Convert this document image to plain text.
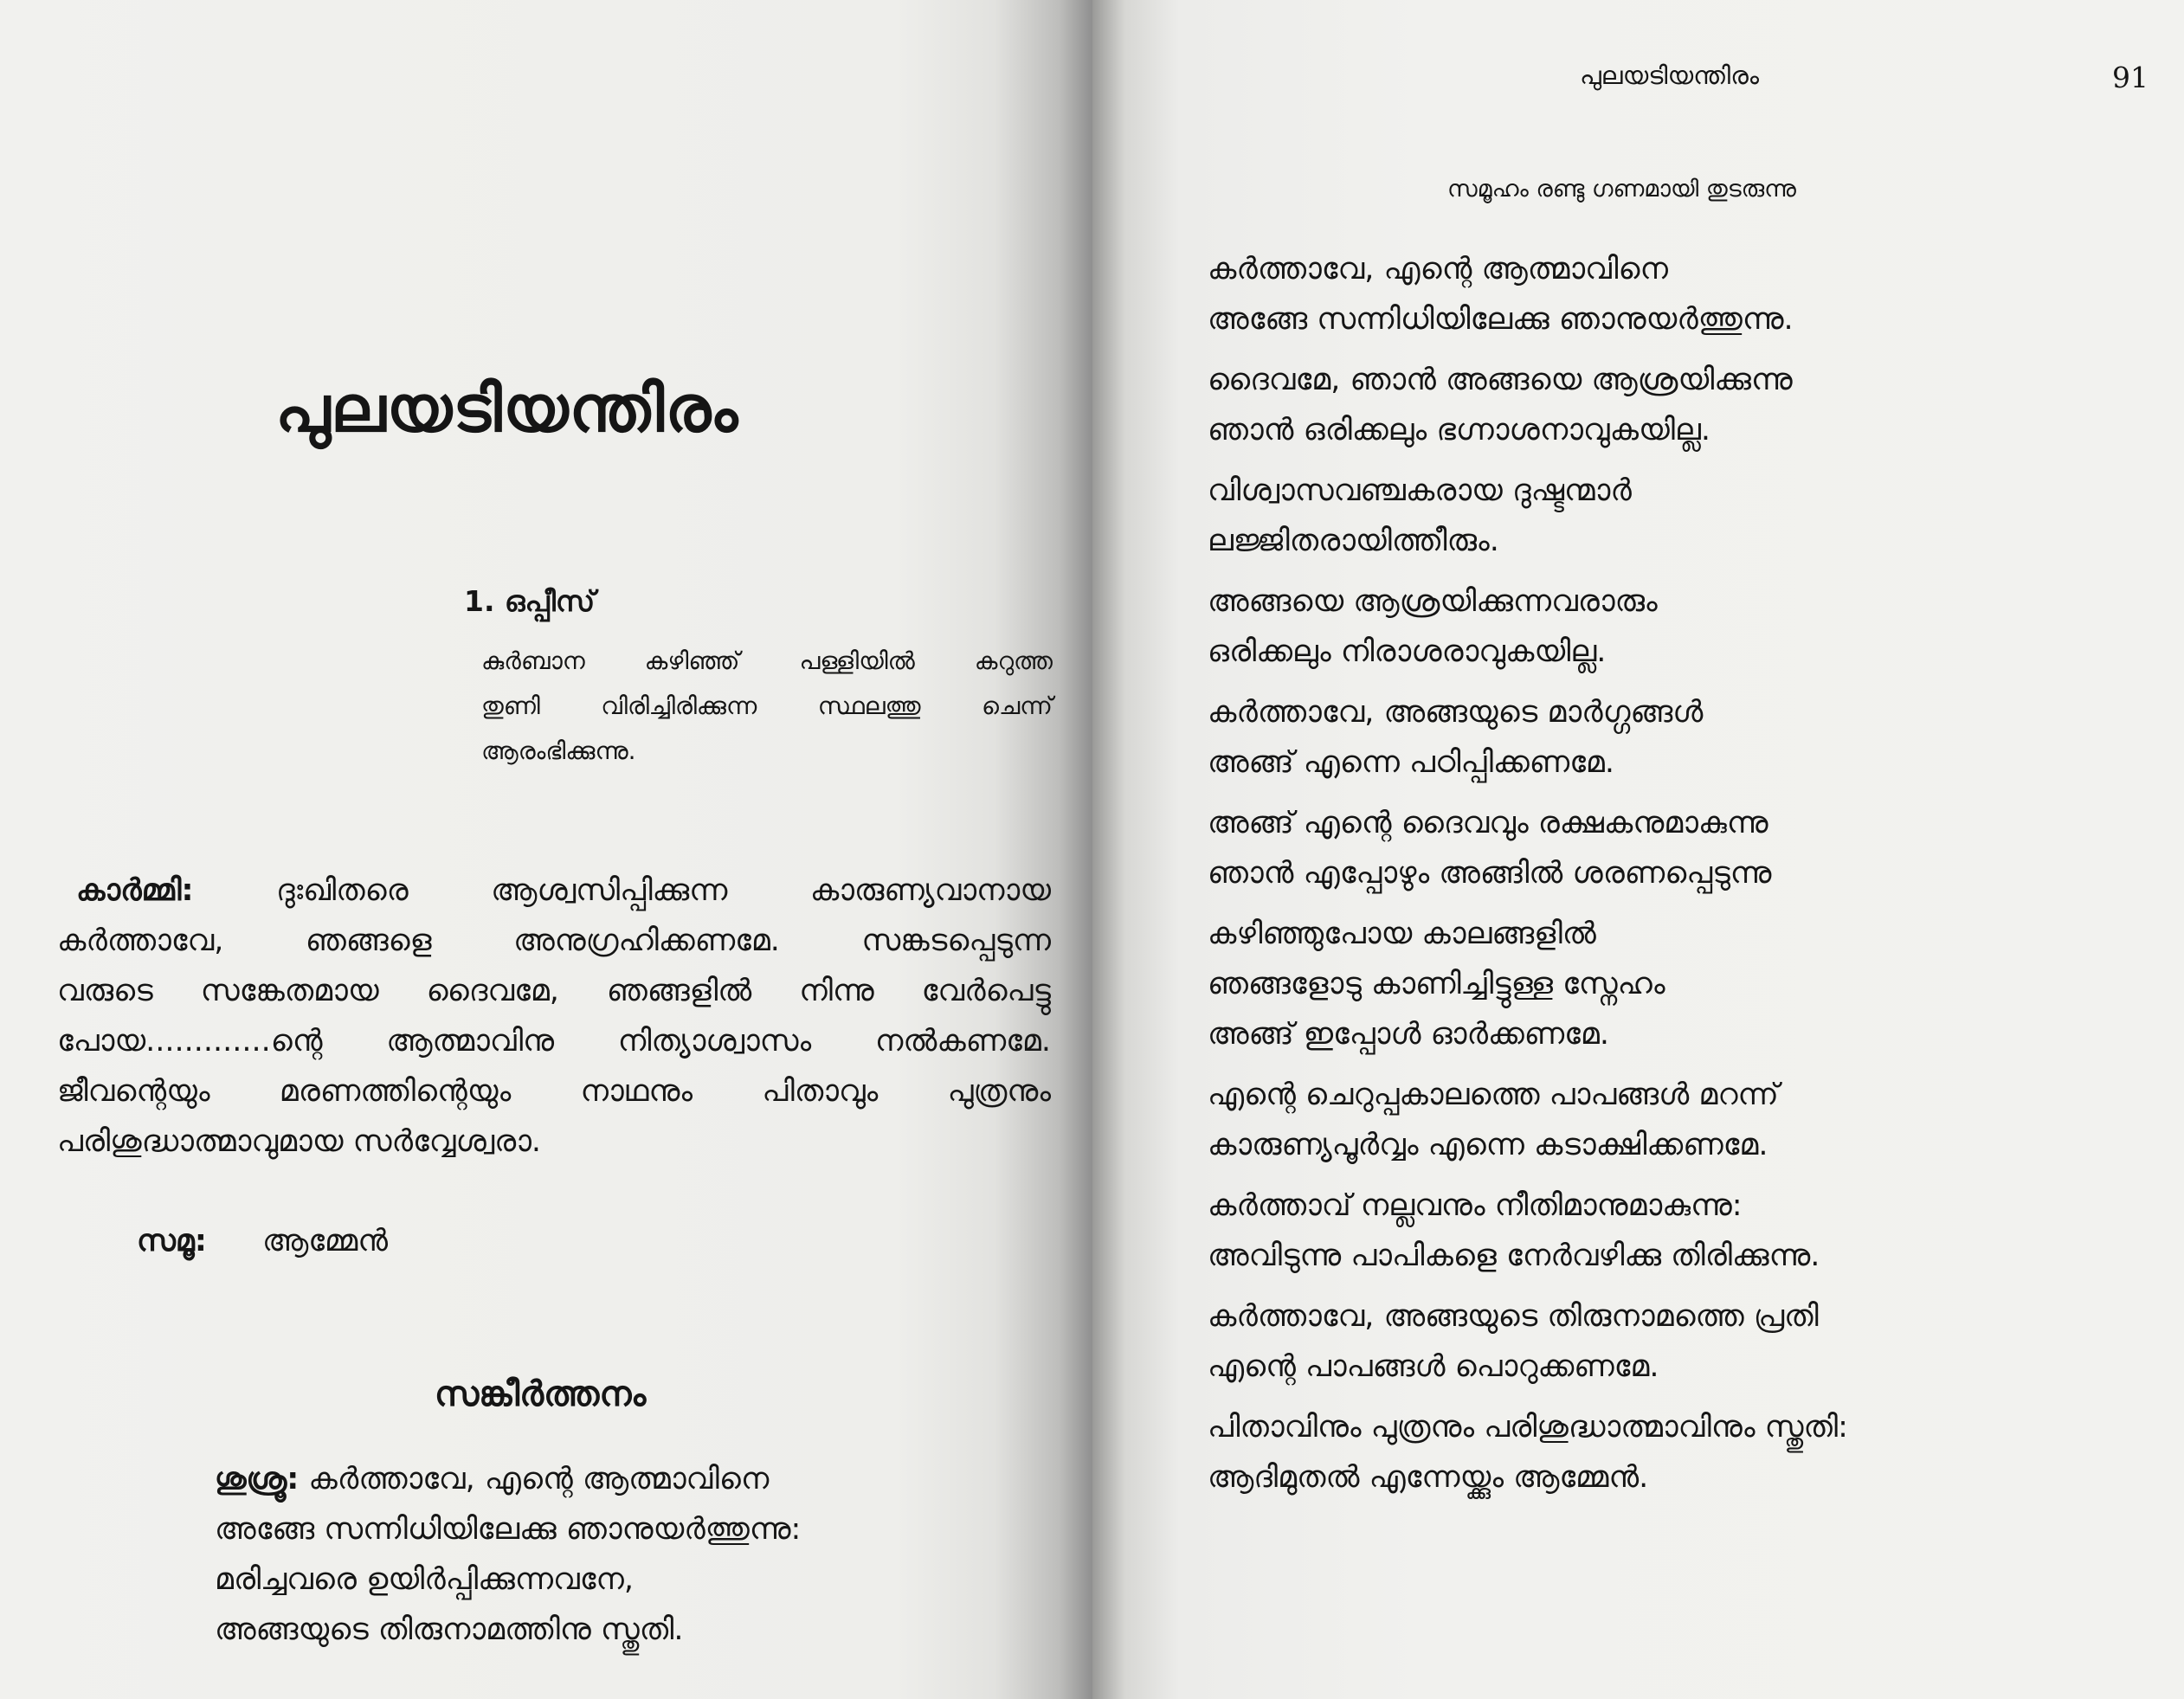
പുലയടിയന്തിരം
1. ഒപ്പീസ്
കുർബാന കഴിഞ്ഞ് പള്ളിയിൽ കറുത്ത
തുണി വിരിച്ചിരിക്കുന്ന സ്ഥലത്തു ചെന്ന്
ആരംഭിക്കുന്നു.
കാർമ്മി: ദുഃഖിതരെ ആശ്വസിപ്പിക്കുന്ന കാരുണ്യവാനായ
കർത്താവേ, ഞങ്ങളെ അനുഗ്രഹിക്കണമേ. സങ്കടപ്പെടുന്ന
വരുടെ സങ്കേതമായ ദൈവമേ, ഞങ്ങളിൽ നിന്നു വേർപെട്ടു
പോയ.............ന്റെ ആത്മാവിനു നിത്യാശ്വാസം നൽകണമേ.
ജീവന്റെയും മരണത്തിന്റെയും നാഥനും പിതാവും പുത്രനും
പരിശുദ്ധാത്മാവുമായ സർവ്വേശ്വരാ.
സമൂ: ആമ്മേൻ
സങ്കീർത്തനം
ശുശ്രൂ: കർത്താവേ, എന്റെ ആത്മാവിനെ
അങ്ങേ സന്നിധിയിലേക്കു ഞാനുയർത്തുന്നു:
മരിച്ചവരെ ഉയിർപ്പിക്കുന്നവനേ,
അങ്ങയുടെ തിരുനാമത്തിനു സ്തുതി.
പുലയടിയന്തിരം	91
സമൂഹം രണ്ടു ഗണമായി തുടരുന്നു
കർത്താവേ, എന്റെ ആത്മാവിനെ
അങ്ങേ സന്നിധിയിലേക്കു ഞാനുയർത്തുന്നു.
ദൈവമേ, ഞാൻ അങ്ങയെ ആശ്രയിക്കുന്നു
ഞാൻ ഒരിക്കലും ഭഗ്നാശനാവുകയില്ല.
വിശ്വാസവഞ്ചകരായ ദുഷ്ടന്മാർ
ലജ്ജിതരായിത്തീരും.
അങ്ങയെ ആശ്രയിക്കുന്നവരാരും
ഒരിക്കലും നിരാശരാവുകയില്ല.
കർത്താവേ, അങ്ങയുടെ മാർഗ്ഗങ്ങൾ
അങ്ങ് എന്നെ പഠിപ്പിക്കണമേ.
അങ്ങ് എന്റെ ദൈവവും രക്ഷകനുമാകുന്നു
ഞാൻ എപ്പോഴും അങ്ങിൽ ശരണപ്പെടുന്നു
കഴിഞ്ഞുപോയ കാലങ്ങളിൽ
ഞങ്ങളോടു കാണിച്ചിട്ടുള്ള സ്നേഹം
അങ്ങ് ഇപ്പോൾ ഓർക്കണമേ.
എന്റെ ചെറുപ്പകാലത്തെ പാപങ്ങൾ മറന്ന്
കാരുണ്യപൂർവ്വം എന്നെ കടാക്ഷിക്കണമേ.
കർത്താവ് നല്ലവനും നീതിമാനുമാകുന്നു:
അവിടുന്നു പാപികളെ നേർവഴിക്കു തിരിക്കുന്നു.
കർത്താവേ, അങ്ങയുടെ തിരുനാമത്തെ പ്രതി
എന്റെ പാപങ്ങൾ പൊറുക്കണമേ.
പിതാവിനും പുത്രനും പരിശുദ്ധാത്മാവിനും സ്തുതി:
ആദിമുതൽ എന്നേയ്ക്കും ആമ്മേൻ.
